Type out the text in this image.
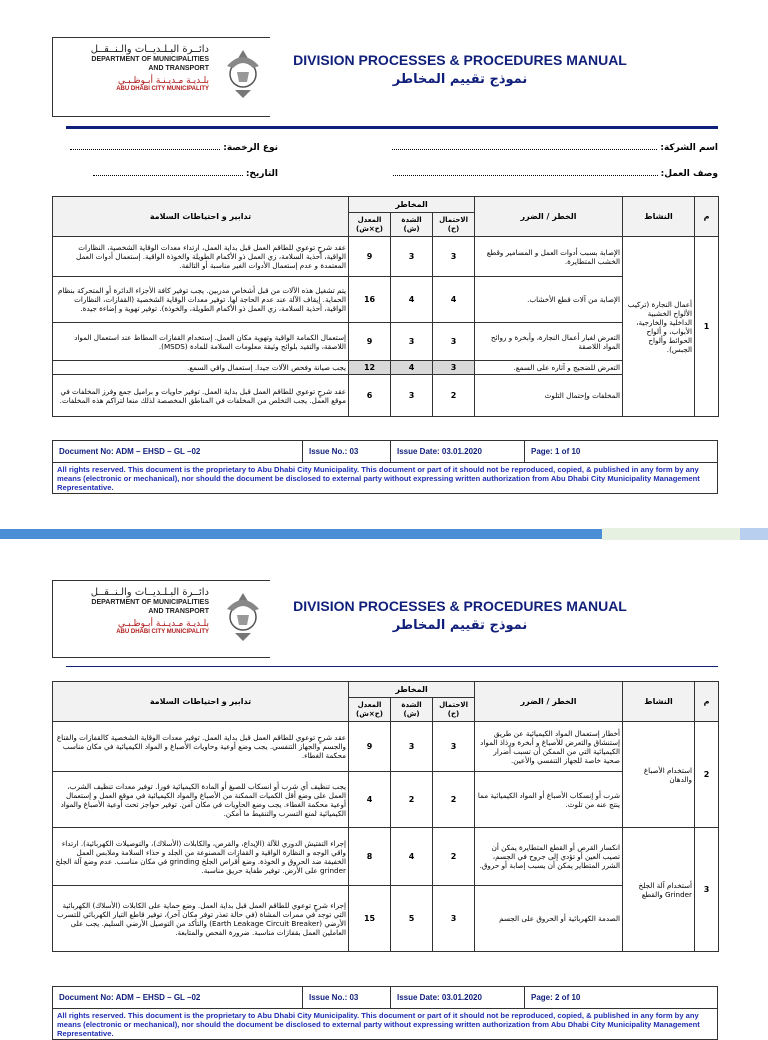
دائــرة البـلـديــات والـنــقــل
DEPARTMENT OF MUNICIPALITIES
AND TRANSPORT
بلـديـة مـديـنـة أبـوظـبـي
ABU DHABI CITY MUNICIPALITY
DIVISION PROCESSES & PROCEDURES MANUAL
نموذج تقييم المخاطر
اسم الشركة:
نوع الرخصة:
وصف العمل:
التاريخ:
م	النشاط	الخطر / الضرر	المخاطر			تدابير و احتياطات السلامة
			الاحتمال (ح)	الشدة (ش)	المعدل (ح×ش)	
1	أعمال النجارة (تركيب الألواح الخشبية الداخلية والخارجية، الأبواب، و ألواح الحوائط وألواح الجبس).	الإصابة بسبب أدوات العمل و المسامير وقطع الخشب المتطايرة.	3	3	9	عقد شرحٍ توعوي للطاقم العمل قبل بداية العمل، ارتداء معدات الوقاية الشخصية، النظارات الواقية، أحذية السلامة، زي العمل ذو الأكمام الطويلة والخوذة الواقية. إستعمال أدوات العمل المعتمدة و عدم إستعمال الأدوات الغير مناسبة أو التالفة.
		الإصابة من آلات قطع الأخشاب.	4	4	16	يتم تشغيل هذه الآلات من قبل أشخاص مدربين. يجب توفير كافة الأجزاء الدائرة أو المتحركة بنظام الحماية. إيقاف الآلة عند عدم الحاجة لها. توفير معدات الوقاية الشخصية (القفازات، النظارات الواقية، أحذية السلامة، زي العمل ذو الأكمام الطويلة، والخوذة). توفير تهوية و إضاءة جيدة.
		التعرض لغبار أعمال النجارة، وأبخرة و روائح المواد اللاصقة	3	3	9	إستعمال الكمامة الواقية وتهوية مكان العمل. إستخدام القفازات المطاط عند استعمال المواد اللاصقة، والتقيد بلوائح وثيقة معلومات السلامة للمادة (MSDS).
		التعرض للضجيج و آثاره على السمع.	3	4	12	يجب صيانة وفحص الآلات جيدا. إستعمال واقي السمع.
		المخلفات وإحتمال التلوث	2	3	6	عقد شرحٍ توعوي للطاقم العمل قبل بداية العمل. توفير حاويات و براميل جمع وفرز المخلفات في موقع العمل. يجب التخلص من المخلفات في المناطق المخصصة لذلك منعا لتراكم هذه المخلفات.
Document No: ADM – EHSD – GL –02	Issue No.: 03	Issue Date: 03.01.2020	Page: 1 of 10
All rights reserved. This document is the proprietary to Abu Dhabi City Municipality. This document or part of it should not be reproduced, copied, & published in any form by any means (electronic or mechanical), nor should the document be disclosed to external party without expressing written authorization from Abu Dhabi City Municipality Management Representative.
دائــرة البـلـديــات والـنــقــل
DEPARTMENT OF MUNICIPALITIES
AND TRANSPORT
بلـديـة مـديـنـة أبـوظـبـي
ABU DHABI CITY MUNICIPALITY
DIVISION PROCESSES & PROCEDURES MANUAL
نموذج تقييم المخاطر
م	النشاط	الخطر / الضرر	المخاطر			تدابير و احتياطات السلامة
			الاحتمال (ح)	الشدة (ش)	المعدل (ح×ش)	
2	استخدام الأصباغ والدهان	أخطار إستعمال المواد الكيميائية عن طريق إستنشاق والتعرض للأصباغ و أبخرة ورذاذ المواد الكيميائية التي من الممكن أن تسبب أضرار صحية خاصة للجهاز التنفسي والأعين.	3	3	9	عقد شرحٍ توعوي للطاقم العمل قبل بداية العمل. توفير معدات الوقاية الشخصية كالقفازات والقناع والجسم والجهاز التنفسي. يجب وضع أوعية وحاويات الأصباغ و المواد الكيميائية في مكان مناسب محكمة الغطاء.
		شرب أو إنسكاب الأصباغ أو المواد الكيميائية مما ينتج عنه من تلوث.	2	2	4	يجب تنظيف أي شرب أو انسكاب للصبغ أو المادة الكيميائية فورا. توفير معدات تنظيف الشرب، العمل على وضع أقل الكميات الممكنة من الأصباغ والمواد الكيميائية في موقع العمل و إستعمال أوعية محكمة الغطاء. يجب وضع الحاويات في مكان آمن. توفير حواجز تحت أوعية الأصباغ والمواد الكيميائية لمنع التسرب والتنقيط ما أمكن.
3	أستخدام آلة الجلخ Grinder والقطع	انكسار القرص أو القطع المتطايرة يمكن أن تصيب العين أو تؤدي إلى جروح في الجسم، الشرر المتطاير يمكن أن يسبب إصابة أو حروق.	2	4	8	إجراء التفتيش الدوري للآلة (الإيداع، والقرص، والكابلات (الأسلاك)، والتوصيلات الكهربائية). ارتداء واقي الوجه و النظارة الواقية و القفازات المصنوعة من الجلد و حذاء السلامة وملابس العمل الخفيفة ضد الحروق و الخوذة. وضع أقراص الجلخ grinding في مكان مناسب. عدم وضع آلة الجلخ grinder على الأرض. توفير طفاية حريق مناسبة.
		الصدمة الكهربائية أو الحروق على الجسم	3	5	15	إجراء شرحٍ توعوي للطاقم العمل قبل بداية العمل. وضع حماية على الكابلات (الأسلاك) الكهربائية التي توجد في ممرات المشاة (في حالة تعذر توفر مكان آخر)، توفير قاطع التيار الكهربائي للتسرب الأرضي (Earth Leakage Circuit Breaker) والتأكد من التوصيل الأرضي السليم. يجب على العاملين العمل بقفازات مناسبة. ضرورة الفحص والمتابعة.
Document No: ADM – EHSD – GL –02	Issue No.: 03	Issue Date: 03.01.2020	Page: 2 of 10
All rights reserved. This document is the proprietary to Abu Dhabi City Municipality. This document or part of it should not be reproduced, copied, & published in any form by any means (electronic or mechanical), nor should the document be disclosed to external party without expressing written authorization from Abu Dhabi City Municipality Management Representative.
